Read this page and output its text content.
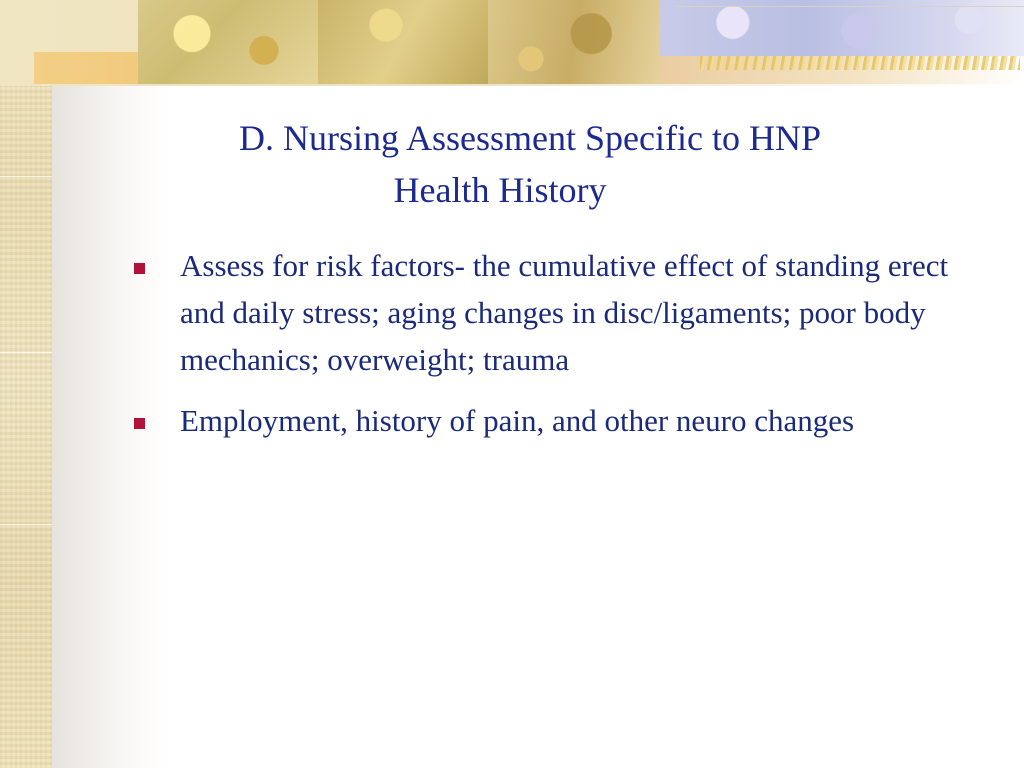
D. Nursing Assessment Specific to HNP
Health History
Assess for risk factors- the cumulative effect of standing erect and daily stress; aging changes in disc/ligaments; poor body mechanics; overweight; trauma
Employment, history of pain, and other neuro changes
